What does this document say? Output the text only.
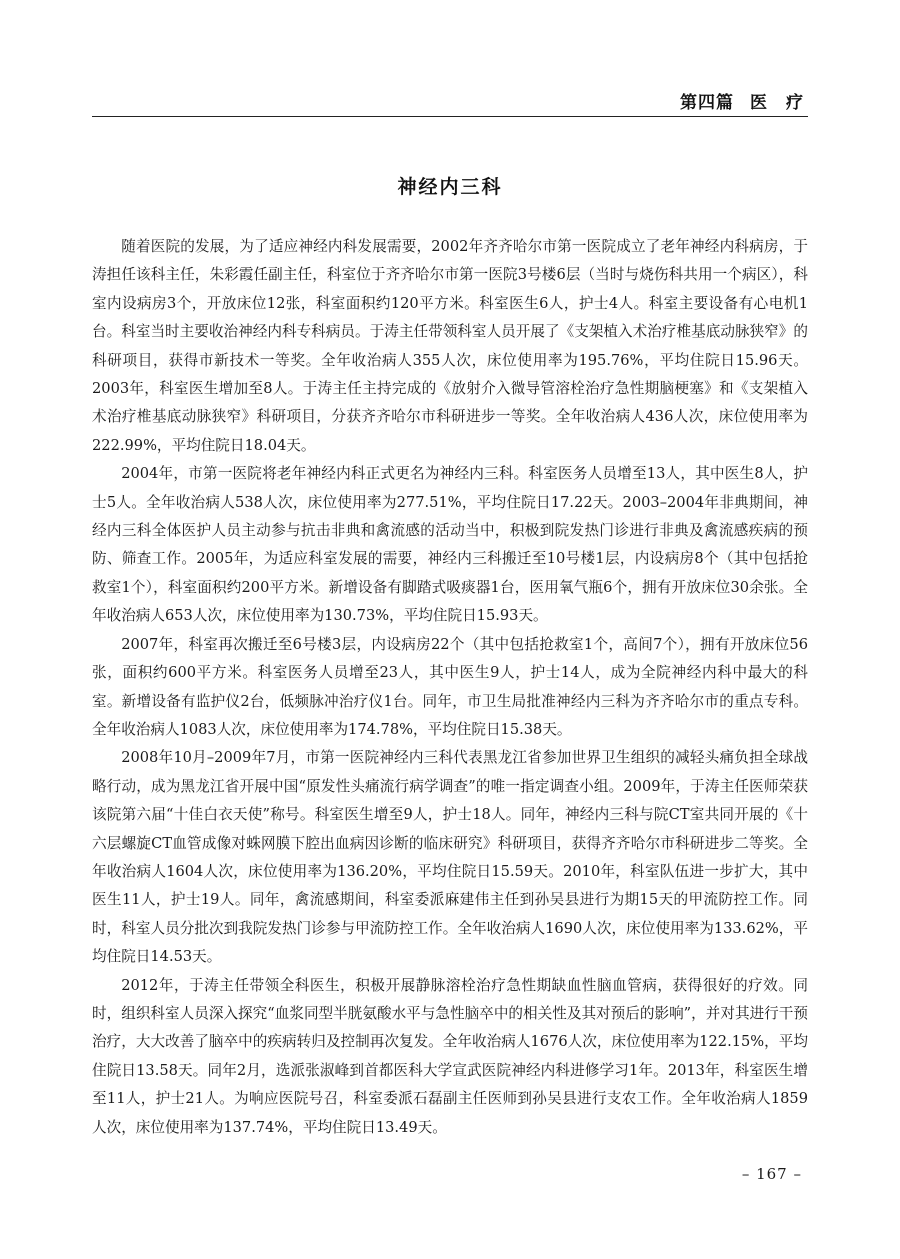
第四篇 医　疗
神经内三科

随着医院的发展，为了适应神经内科发展需要，2002年齐齐哈尔市第一医院成立了老年神经内科病房，于涛担任该科主任，朱彩霞任副主任，科室位于齐齐哈尔市第一医院3号楼6层（当时与烧伤科共用一个病区），科室内设病房3个，开放床位12张，科室面积约120平方米。科室医生6人，护士4人。科室主要设备有心电机1台。科室当时主要收治神经内科专科病员。于涛主任带领科室人员开展了《支架植入术治疗椎基底动脉狭窄》的科研项目，获得市新技术一等奖。全年收治病人355人次，床位使用率为195.76%，平均住院日15.96天。2003年，科室医生增加至8人。于涛主任主持完成的《放射介入微导管溶栓治疗急性期脑梗塞》和《支架植入术治疗椎基底动脉狭窄》科研项目，分获齐齐哈尔市科研进步一等奖。全年收治病人436人次，床位使用率为222.99%，平均住院日18.04天。

2004年，市第一医院将老年神经内科正式更名为神经内三科。科室医务人员增至13人，其中医生8人，护士5人。全年收治病人538人次，床位使用率为277.51%，平均住院日17.22天。2003–2004年非典期间，神经内三科全体医护人员主动参与抗击非典和禽流感的活动当中，积极到院发热门诊进行非典及禽流感疾病的预防、筛查工作。2005年，为适应科室发展的需要，神经内三科搬迁至10号楼1层，内设病房8个（其中包括抢救室1个），科室面积约200平方米。新增设备有脚踏式吸痰器1台，医用氧气瓶6个，拥有开放床位30余张。全年收治病人653人次，床位使用率为130.73%，平均住院日15.93天。

2007年，科室再次搬迁至6号楼3层，内设病房22个（其中包括抢救室1个，高间7个），拥有开放床位56张，面积约600平方米。科室医务人员增至23人，其中医生9人，护士14人，成为全院神经内科中最大的科室。新增设备有监护仪2台，低频脉冲治疗仪1台。同年，市卫生局批准神经内三科为齐齐哈尔市的重点专科。全年收治病人1083人次，床位使用率为174.78%，平均住院日15.38天。

2008年10月–2009年7月，市第一医院神经内三科代表黑龙江省参加世界卫生组织的减轻头痛负担全球战略行动，成为黑龙江省开展中国“原发性头痛流行病学调查”的唯一指定调查小组。2009年，于涛主任医师荣获该院第六届“十佳白衣天使”称号。科室医生增至9人，护士18人。同年，神经内三科与院CT室共同开展的《十六层螺旋CT血管成像对蛛网膜下腔出血病因诊断的临床研究》科研项目，获得齐齐哈尔市科研进步二等奖。全年收治病人1604人次，床位使用率为136.20%，平均住院日15.59天。2010年，科室队伍进一步扩大，其中医生11人，护士19人。同年，禽流感期间，科室委派麻建伟主任到孙吴县进行为期15天的甲流防控工作。同时，科室人员分批次到我院发热门诊参与甲流防控工作。全年收治病人1690人次，床位使用率为133.62%，平均住院日14.53天。

2012年，于涛主任带领全科医生，积极开展静脉溶栓治疗急性期缺血性脑血管病，获得很好的疗效。同时，组织科室人员深入探究“血浆同型半胱氨酸水平与急性脑卒中的相关性及其对预后的影响”，并对其进行干预治疗，大大改善了脑卒中的疾病转归及控制再次复发。全年收治病人1676人次，床位使用率为122.15%，平均住院日13.58天。同年2月，选派张淑峰到首都医科大学宣武医院神经内科进修学习1年。2013年，科室医生增至11人，护士21人。为响应医院号召，科室委派石磊副主任医师到孙吴县进行支农工作。全年收治病人1859人次，床位使用率为137.74%，平均住院日13.49天。

– 167 –
